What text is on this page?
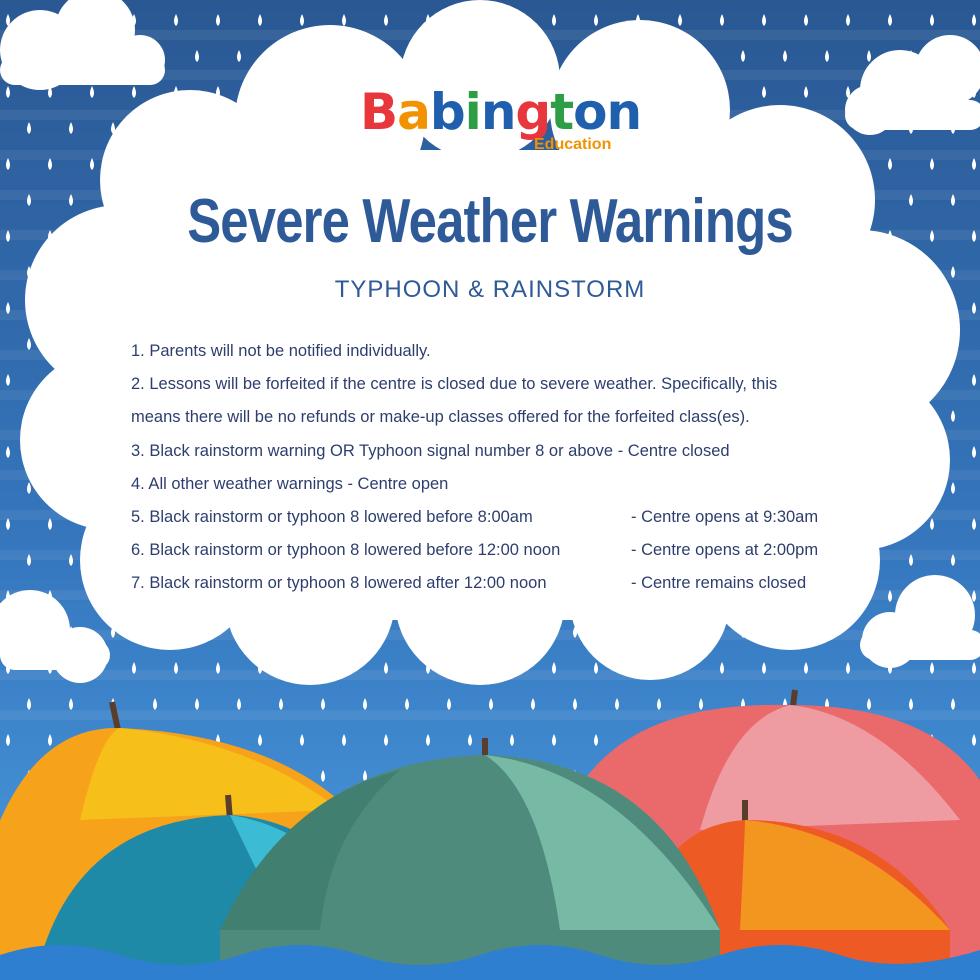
Babington
Education
Severe Weather Warnings
TYPHOON & RAINSTORM
1. Parents will not be notified individually.
2. Lessons will be forfeited if the centre is closed due to severe weather. Specifically, this
means there will be no refunds or make-up classes offered for the forfeited class(es).
3. Black rainstorm warning OR Typhoon signal number 8 or above - Centre closed
4. All other weather warnings - Centre open
5. Black rainstorm or typhoon 8 lowered before 8:00am	- Centre opens at 9:30am
6. Black rainstorm or typhoon 8 lowered before 12:00 noon	- Centre opens at 2:00pm
7. Black rainstorm or typhoon 8 lowered after 12:00 noon	- Centre remains closed
